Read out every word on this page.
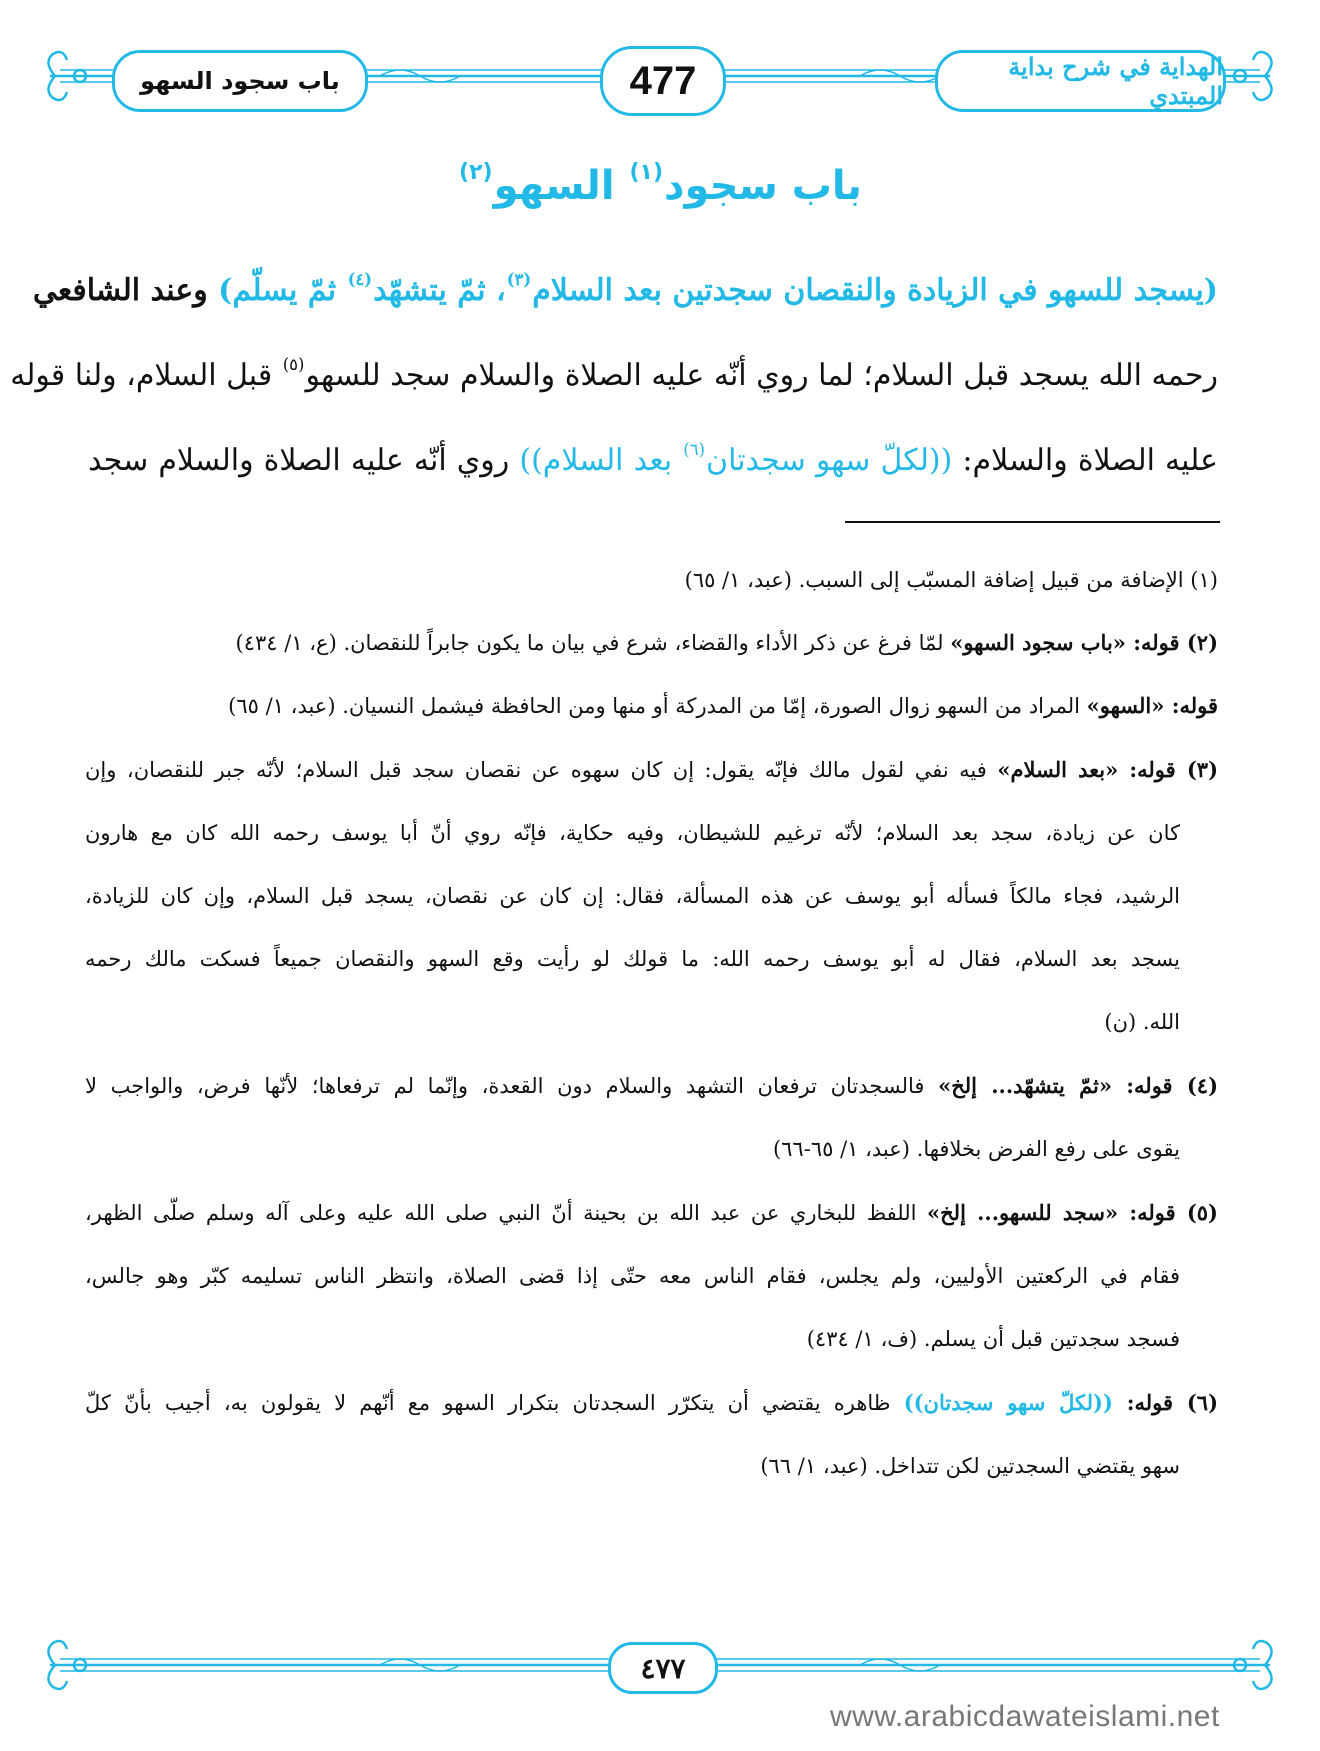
باب سجود السهو	477	الهداية في شرح بداية المبتدي
باب سجود$^{(١)}$ السهو$^{(٢)}$
(يسجد للسهو في الزيادة والنقصان سجدتين بعد السلام$^{(٣)}$، ثمّ يتشهّد$^{(٤)}$ ثمّ يسلّم) وعند الشافعي
رحمه الله يسجد قبل السلام؛ لما روي أنّه عليه الصلاة والسلام سجد للسهو$^{(٥)}$ قبل السلام، ولنا قوله
عليه الصلاة والسلام: ((لكلّ سهو سجدتان$^{(٦)}$ بعد السلام)) روي أنّه عليه الصلاة والسلام سجد
(١) الإضافة من قبيل إضافة المسبّب إلى السبب. (عبد، ١/ ٦٥)
(٢) قوله: «باب سجود السهو» لمّا فرغ عن ذكر الأداء والقضاء، شرع في بيان ما يكون جابراً للنقصان. (ع، ١/ ٤٣٤)
قوله: «السهو» المراد من السهو زوال الصورة، إمّا من المدركة أو منها ومن الحافظة فيشمل النسيان. (عبد، ١/ ٦٥)
(٣) قوله: «بعد السلام» فيه نفي لقول مالك فإنّه يقول: إن كان سهوه عن نقصان سجد قبل السلام؛ لأنّه جبر للنقصان، وإن
كان عن زيادة، سجد بعد السلام؛ لأنّه ترغيم للشيطان، وفيه حكاية، فإنّه روي أنّ أبا يوسف رحمه الله كان مع هارون
الرشيد، فجاء مالكاً فسأله أبو يوسف عن هذه المسألة، فقال: إن كان عن نقصان، يسجد قبل السلام، وإن كان للزيادة،
يسجد بعد السلام، فقال له أبو يوسف رحمه الله: ما قولك لو رأيت وقع السهو والنقصان جميعاً فسكت مالك رحمه
الله. (ن)
(٤) قوله: «ثمّ يتشهّد... إلخ» فالسجدتان ترفعان التشهد والسلام دون القعدة، وإنّما لم ترفعاها؛ لأنّها فرض، والواجب لا
يقوى على رفع الفرض بخلافها. (عبد، ١/ ٦٥-٦٦)
(٥) قوله: «سجد للسهو... إلخ» اللفظ للبخاري عن عبد الله بن بحينة أنّ النبي صلى الله عليه وعلى آله وسلم صلّى الظهر،
فقام في الركعتين الأوليين، ولم يجلس، فقام الناس معه حتّى إذا قضى الصلاة، وانتظر الناس تسليمه كبّر وهو جالس،
فسجد سجدتين قبل أن يسلم. (ف، ١/ ٤٣٤)
(٦) قوله: ((لكلّ سهو سجدتان)) ظاهره يقتضي أن يتكرّر السجدتان بتكرار السهو مع أنّهم لا يقولون به، أجيب بأنّ كلّ
سهو يقتضي السجدتين لكن تتداخل. (عبد، ١/ ٦٦)
٤٧٧
www.arabicdawateislami.net
